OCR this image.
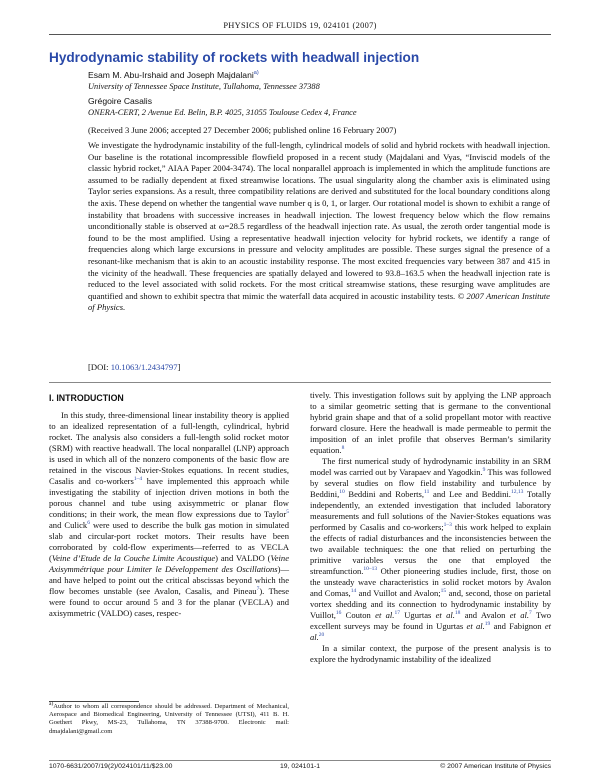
PHYSICS OF FLUIDS 19, 024101 (2007)
Hydrodynamic stability of rockets with headwall injection
Esam M. Abu-Irshaid and Joseph Majdalani$^{a)}$
University of Tennessee Space Institute, Tullahoma, Tennessee 37388
Grégoire Casalis
ONERA-CERT, 2 Avenue Ed. Belin, B.P. 4025, 31055 Toulouse Cedex 4, France
(Received 3 June 2006; accepted 27 December 2006; published online 16 February 2007)

We investigate the hydrodynamic instability of the full-length, cylindrical models of solid and hybrid rockets with headwall injection. Our baseline is the rotational incompressible flowfield proposed in a recent study (Majdalani and Vyas, “Inviscid models of the classic hybrid rocket,” AIAA Paper 2004-3474). The local nonparallel approach is implemented in which the amplitude functions are assumed to be radially dependent at fixed streamwise locations. The usual singularity along the chamber axis is eliminated using Taylor series expansions. As a result, three compatibility relations are derived and substituted for the local boundary conditions along the axis. These depend on whether the tangential wave number q is 0, 1, or larger. Our rotational model is shown to exhibit a range of instability that broadens with successive increases in headwall injection. The lowest frequency below which the flow remains unconditionally stable is observed at ω=28.5 regardless of the headwall injection rate. As usual, the zeroth order tangential mode is found to be the most amplified. Using a representative headwall injection velocity for hybrid rockets, we identify a range of frequencies along which large excursions in pressure and velocity amplitudes are possible. These surges signal the presence of a resonant-like mechanism that is akin to an acoustic instability response. The most excited frequencies vary between 387 and 415 in the vicinity of the headwall. These frequencies are spatially delayed and lowered to 93.8–163.5 when the headwall injection rate is reduced to the level associated with solid rockets. For the most critical streamwise stations, these resurging wave amplitudes are quantified and shown to exhibit spectra that mimic the waterfall data acquired in acoustic instability tests. © 2007 American Institute of Physics.

[DOI: 10.1063/1.2434797]

I. INTRODUCTION

In this study, three-dimensional linear instability theory is applied to an idealized representation of a full-length, cylindrical, hybrid rocket. The analysis also considers a full-length solid rocket motor (SRM) with reactive headwall. The local nonparallel (LNP) approach is used in which all of the nonzero components of the basic flow are retained in the viscous Navier-Stokes equations. In recent studies, Casalis and co-workers$^{1-4}$ have implemented this approach while investigating the stability of injection driven motions in both the porous channel and tube using axisymmetric or planar flow conditions; in their work, the mean flow expressions due to Taylor$^5$ and Culick$^6$ were used to describe the bulk gas motion in simulated slab and circular-port rocket motors. Their results have been corroborated by cold-flow experiments—referred to as VECLA (Veine d’Etude de la Couche Limite Acoustique) and VALDO (Veine Axisymmétrique pour Limiter le Développement des Oscillations)—and have helped to point out the critical abscissas beyond which the flow becomes unstable (see Avalon, Casalis, and Pineau$^7$). These were found to occur around 5 and 3 for the planar (VECLA) and axisymmetric (VALDO) cases, respec-

$^{a)}$Author to whom all correspondence should be addressed. Department of Mechanical, Aerospace and Biomedical Engineering, University of Tennessee (UTSI), 411 B. H. Goethert Pkwy, MS-23, Tullahoma, TN 37388-9700. Electronic mail: dmajdalani@gmail.com

tively. This investigation follows suit by applying the LNP approach to a similar geometric setting that is germane to the conventional hybrid grain shape and that of a solid propellant motor with reactive forward closure. Here the headwall is made permeable to permit the imposition of an inlet profile that observes Berman’s similarity equation.$^8$

The first numerical study of hydrodynamic instability in an SRM model was carried out by Varapaev and Yagodkin.$^9$ This was followed by several studies on flow field instability and turbulence by Beddini,$^{10}$ Beddini and Roberts,$^{11}$ and Lee and Beddini.$^{12,13}$ Totally independently, an extended investigation that included laboratory measurements and full solutions of the Navier-Stokes equations was performed by Casalis and co-workers;$^{1-3}$ this work helped to explain the effects of radial disturbances and the inconsistencies between the two available techniques: the one that relied on perturbing the primitive variables versus the one that employed the streamfunction.$^{10-13}$ Other pioneering studies include, first, those on the unsteady wave characteristics in solid rocket motors by Avalon and Comas,$^{14}$ and Vuillot and Avalon;$^{15}$ and, second, those on parietal vortex shedding and its connection to hydrodynamic instability by Vuillot,$^{16}$ Couton et al.$^{17}$ Ugurtas et al.$^{18}$ and Avalon et al.$^7$ Two excellent surveys may be found in Ugurtas et al.$^{19}$ and Fabignon et al.$^{20}$

In a similar context, the purpose of the present analysis is to explore the hydrodynamic instability of the idealized

1070-6631/2007/19(2)/024101/11/$23.00	19, 024101-1	© 2007 American Institute of Physics
